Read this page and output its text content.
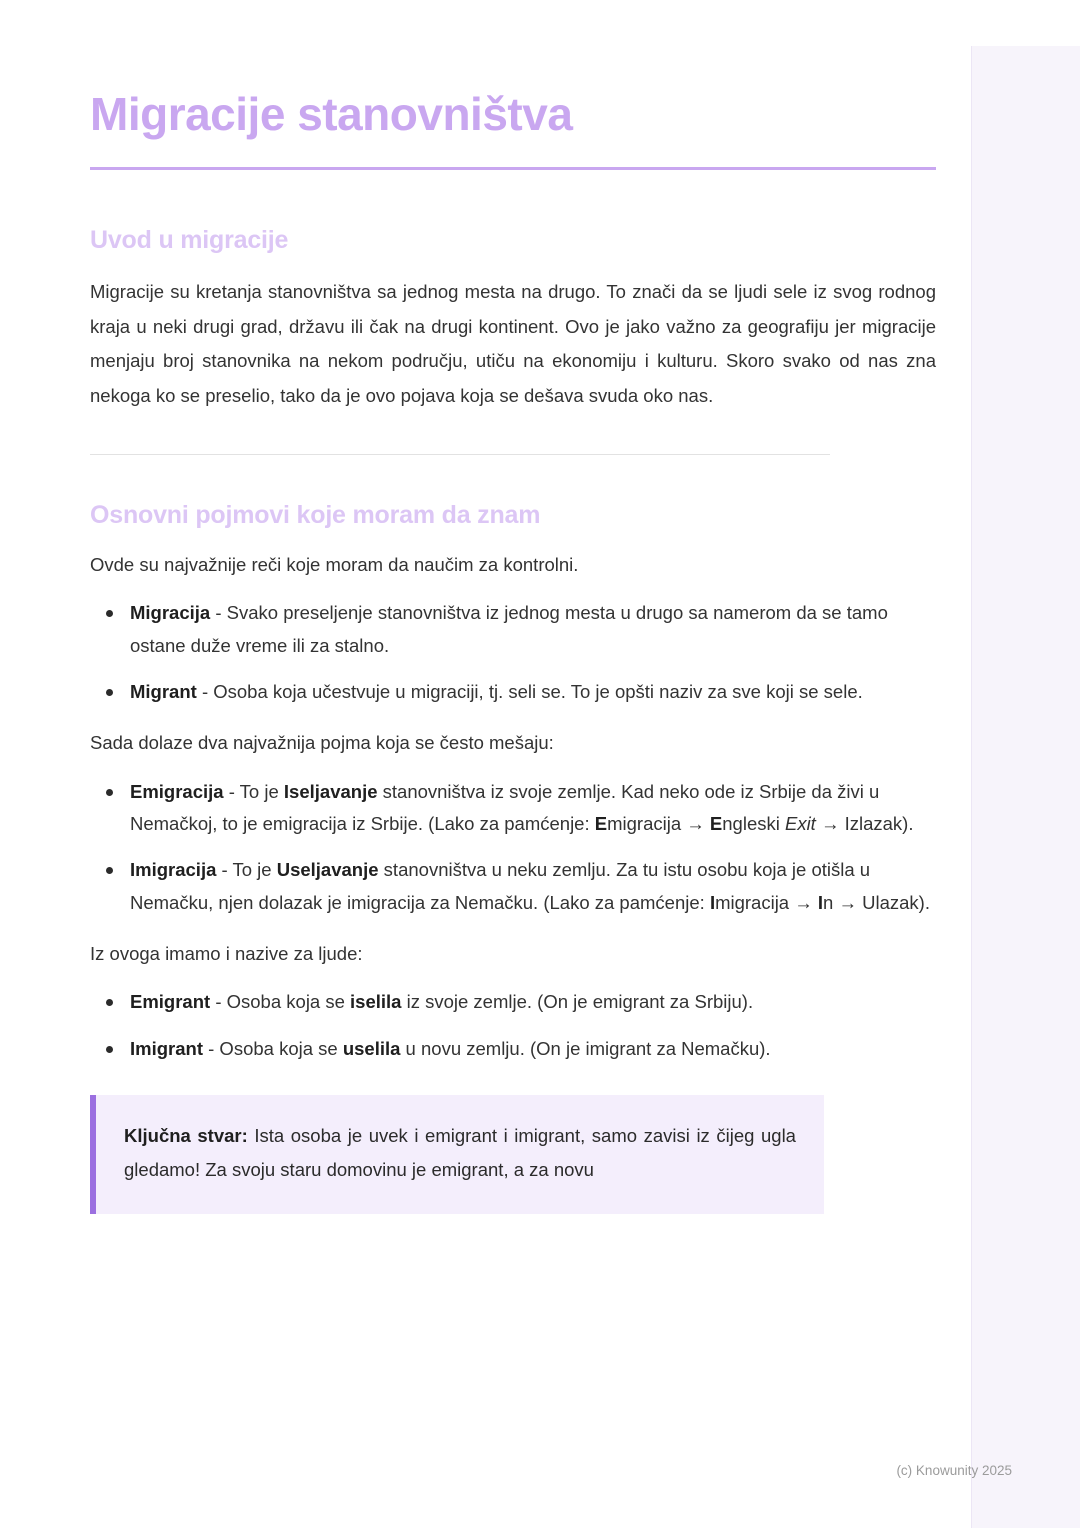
Migracije stanovništva
Uvod u migracije

Migracije su kretanja stanovništva sa jednog mesta na drugo. To znači da se ljudi sele iz svog rodnog kraja u neki drugi grad, državu ili čak na drugi kontinent. Ovo je jako važno za geografiju jer migracije menjaju broj stanovnika na nekom području, utiču na ekonomiju i kulturu. Skoro svako od nas zna nekoga ko se preselio, tako da je ovo pojava koja se dešava svuda oko nas.

Osnovni pojmovi koje moram da znam

Ovde su najvažnije reči koje moram da naučim za kontrolni.

Migracija - Svako preseljenje stanovništva iz jednog mesta u drugo sa namerom da se tamo ostane duže vreme ili za stalno.
Migrant - Osoba koja učestvuje u migraciji, tj. seli se. To je opšti naziv za sve koji se sele.

Sada dolaze dva najvažnija pojma koja se često mešaju:

Emigracija - To je Iseljavanje stanovništva iz svoje zemlje. Kad neko ode iz Srbije da živi u Nemačkoj, to je emigracija iz Srbije. (Lako za pamćenje: Emigracija → Engleski Exit → Izlazak).
Imigracija - To je Useljavanje stanovništva u neku zemlju. Za tu istu osobu koja je otišla u Nemačku, njen dolazak je imigracija za Nemačku. (Lako za pamćenje: Imigracija → In → Ulazak).

Iz ovoga imamo i nazive za ljude:

Emigrant - Osoba koja se iselila iz svoje zemlje. (On je emigrant za Srbiju).
Imigrant - Osoba koja se uselila u novu zemlju. (On je imigrant za Nemačku).

Ključna stvar: Ista osoba je uvek i emigrant i imigrant, samo zavisi iz čijeg ugla gledamo! Za svoju staru domovinu je emigrant, a za novu

(c) Knowunity 2025
